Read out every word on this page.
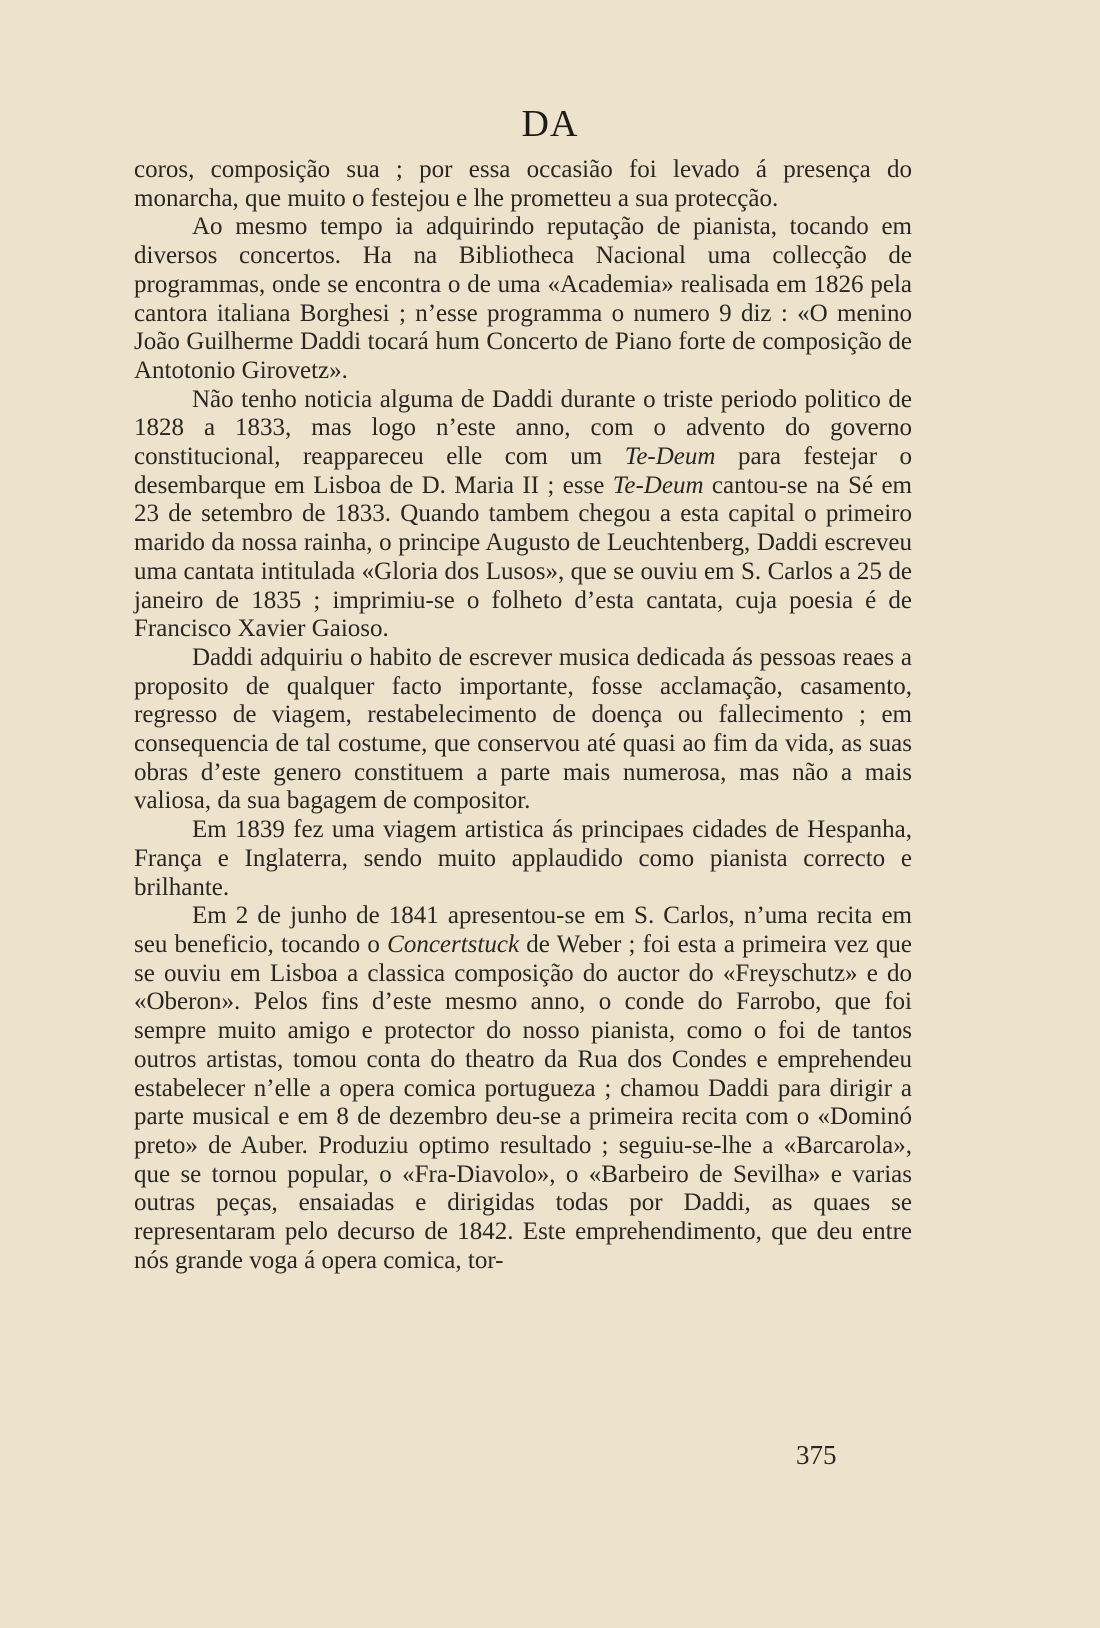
DA

coros, composição sua ; por essa occasião foi levado á presença do monarcha, que muito o festejou e lhe prometteu a sua protecção.

Ao mesmo tempo ia adquirindo reputação de pianista, tocando em diversos concertos. Ha na Bibliotheca Nacional uma collecção de programmas, onde se encontra o de uma «Academia» realisada em 1826 pela cantora italiana Borghesi ; n’esse programma o numero 9 diz : «O menino João Guilherme Daddi tocará hum Concerto de Piano forte de composição de Antotonio Girovetz».

Não tenho noticia alguma de Daddi durante o triste periodo politico de 1828 a 1833, mas logo n’este anno, com o advento do governo constitucional, reappareceu elle com um Te-Deum para festejar o desembarque em Lisboa de D. Maria II ; esse Te-Deum cantou-se na Sé em 23 de setembro de 1833. Quando tambem chegou a esta capital o primeiro marido da nossa rainha, o principe Augusto de Leuchtenberg, Daddi escreveu uma cantata intitulada «Gloria dos Lusos», que se ouviu em S. Carlos a 25 de janeiro de 1835 ; imprimiu-se o folheto d’esta cantata, cuja poesia é de Francisco Xavier Gaioso.

Daddi adquiriu o habito de escrever musica dedicada ás pessoas reaes a proposito de qualquer facto importante, fosse acclamação, casamento, regresso de viagem, restabelecimento de doença ou fallecimento ; em consequencia de tal costume, que conservou até quasi ao fim da vida, as suas obras d’este genero constituem a parte mais numerosa, mas não a mais valiosa, da sua bagagem de compositor.

Em 1839 fez uma viagem artistica ás principaes cidades de Hespanha, França e Inglaterra, sendo muito applaudido como pianista correcto e brilhante.

Em 2 de junho de 1841 apresentou-se em S. Carlos, n’uma recita em seu beneficio, tocando o Concertstuck de Weber ; foi esta a primeira vez que se ouviu em Lisboa a classica composição do auctor do «Freyschutz» e do «Oberon». Pelos fins d’este mesmo anno, o conde do Farrobo, que foi sempre muito amigo e protector do nosso pianista, como o foi de tantos outros artistas, tomou conta do theatro da Rua dos Condes e emprehendeu estabelecer n’elle a opera comica portugueza ; chamou Daddi para dirigir a parte musical e em 8 de dezembro deu-se a primeira recita com o «Dominó preto» de Auber. Produziu optimo resultado ; seguiu-se-lhe a «Barcarola», que se tornou popular, o «Fra-Diavolo», o «Barbeiro de Sevilha» e varias outras peças, ensaiadas e dirigidas todas por Daddi, as quaes se representaram pelo decurso de 1842. Este emprehendimento, que deu entre nós grande voga á opera comica, tor-

375
